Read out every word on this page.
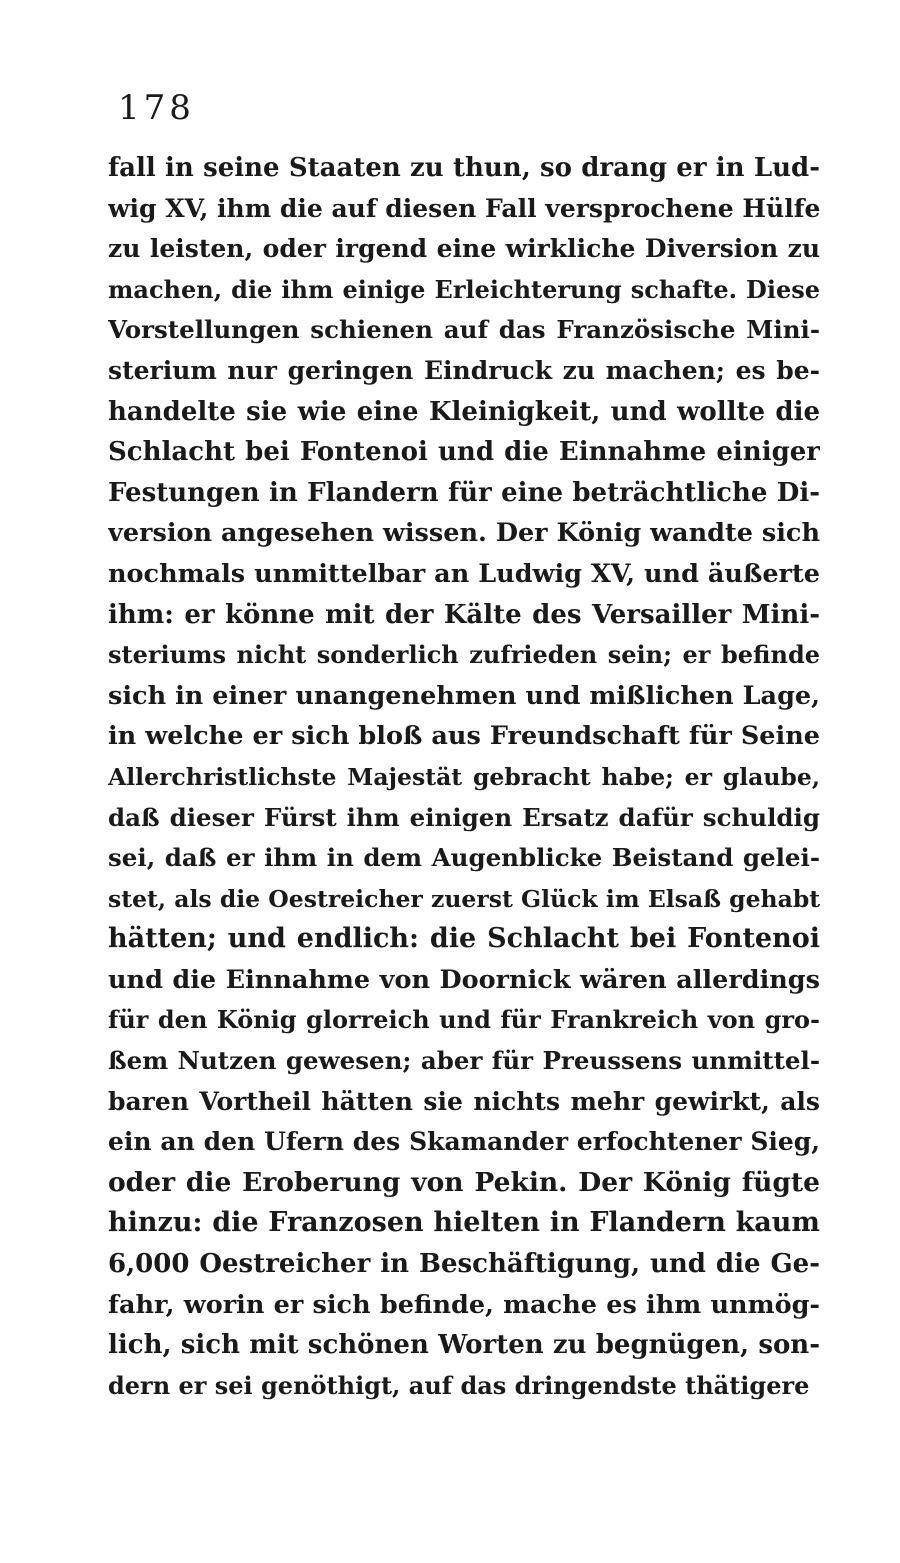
178
fall in seine Staaten zu thun, so drang er in Lud-
wig XV, ihm die auf diesen Fall versprochene Hülfe
zu leisten, oder irgend eine wirkliche Diversion zu
machen, die ihm einige Erleichterung schafte. Diese
Vorstellungen schienen auf das Französische Mini-
sterium nur geringen Eindruck zu machen; es be-
handelte sie wie eine Kleinigkeit, und wollte die
Schlacht bei Fontenoi und die Einnahme einiger
Festungen in Flandern für eine beträchtliche Di-
version angesehen wissen. Der König wandte sich
nochmals unmittelbar an Ludwig XV, und äußerte
ihm: er könne mit der Kälte des Versailler Mini-
steriums nicht sonderlich zufrieden sein; er befinde
sich in einer unangenehmen und mißlichen Lage,
in welche er sich bloß aus Freundschaft für Seine
Allerchristlichste Majestät gebracht habe; er glaube,
daß dieser Fürst ihm einigen Ersatz dafür schuldig
sei, daß er ihm in dem Augenblicke Beistand gelei-
stet, als die Oestreicher zuerst Glück im Elsaß gehabt
hätten; und endlich: die Schlacht bei Fontenoi
und die Einnahme von Doornick wären allerdings
für den König glorreich und für Frankreich von gro-
ßem Nutzen gewesen; aber für Preussens unmittel-
baren Vortheil hätten sie nichts mehr gewirkt, als
ein an den Ufern des Skamander erfochtener Sieg,
oder die Eroberung von Pekin. Der König fügte
hinzu: die Franzosen hielten in Flandern kaum
6,000 Oestreicher in Beschäftigung, und die Ge-
fahr, worin er sich befinde, mache es ihm unmög-
lich, sich mit schönen Worten zu begnügen, son-
dern er sei genöthigt, auf das dringendste thätigere
